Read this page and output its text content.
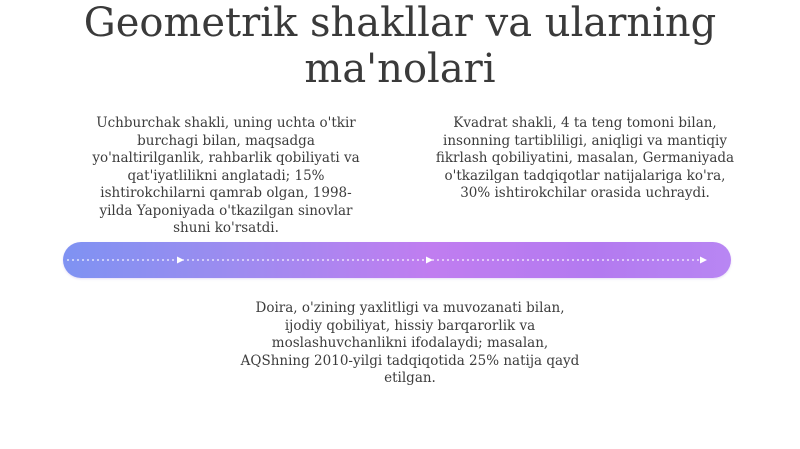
Geometrik shakllar va ularning
ma'nolari
Uchburchak shakli, uning uchta o'tkir
burchagi bilan, maqsadga
yo'naltirilganlik, rahbarlik qobiliyati va
qat'iyatlilikni anglatadi; 15%
ishtirokchilarni qamrab olgan, 1998-
yilda Yaponiyada o'tkazilgan sinovlar
shuni ko'rsatdi.
Kvadrat shakli, 4 ta teng tomoni bilan,
insonning tartibliligi, aniqligi va mantiqiy
fikrlash qobiliyatini, masalan, Germaniyada
o'tkazilgan tadqiqotlar natijalariga ko'ra,
30% ishtirokchilar orasida uchraydi.
Doira, o'zining yaxlitligi va muvozanati bilan,
ijodiy qobiliyat, hissiy barqarorlik va
moslashuvchanlikni ifodalaydi; masalan,
AQShning 2010-yilgi tadqiqotida 25% natija qayd
etilgan.
